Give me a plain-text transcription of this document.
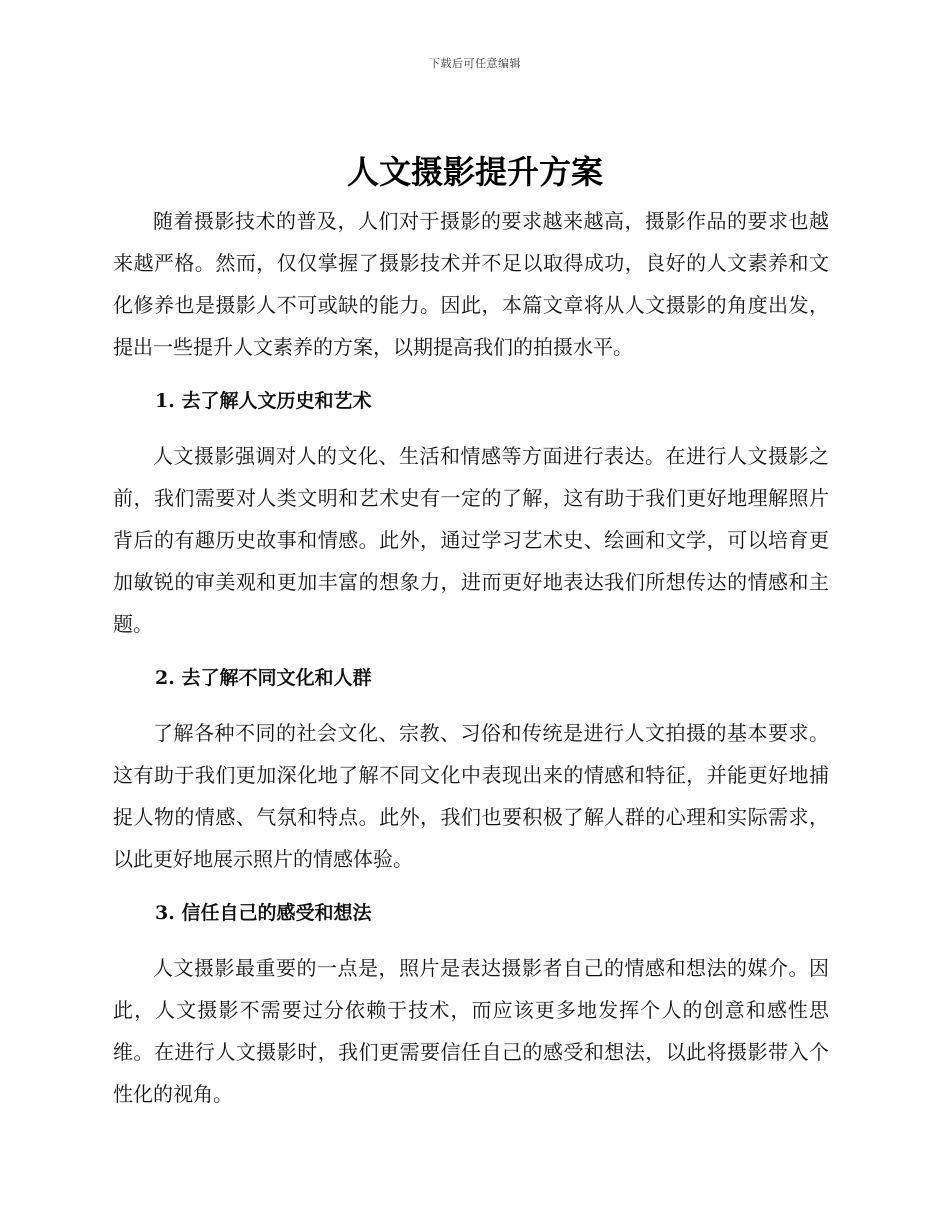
下载后可任意编辑
人文摄影提升方案

随着摄影技术的普及，人们对于摄影的要求越来越高，摄影作品的要求也越来越严格。然而，仅仅掌握了摄影技术并不足以取得成功，良好的人文素养和文化修养也是摄影人不可或缺的能力。因此，本篇文章将从人文摄影的角度出发，提出一些提升人文素养的方案，以期提高我们的拍摄水平。

1. 去了解人文历史和艺术

人文摄影强调对人的文化、生活和情感等方面进行表达。在进行人文摄影之前，我们需要对人类文明和艺术史有一定的了解，这有助于我们更好地理解照片背后的有趣历史故事和情感。此外，通过学习艺术史、绘画和文学，可以培育更加敏锐的审美观和更加丰富的想象力，进而更好地表达我们所想传达的情感和主题。

2. 去了解不同文化和人群

了解各种不同的社会文化、宗教、习俗和传统是进行人文拍摄的基本要求。这有助于我们更加深化地了解不同文化中表现出来的情感和特征，并能更好地捕捉人物的情感、气氛和特点。此外，我们也要积极了解人群的心理和实际需求，以此更好地展示照片的情感体验。

3. 信任自己的感受和想法

人文摄影最重要的一点是，照片是表达摄影者自己的情感和想法的媒介。因此，人文摄影不需要过分依赖于技术，而应该更多地发挥个人的创意和感性思维。在进行人文摄影时，我们更需要信任自己的感受和想法，以此将摄影带入个性化的视角。
